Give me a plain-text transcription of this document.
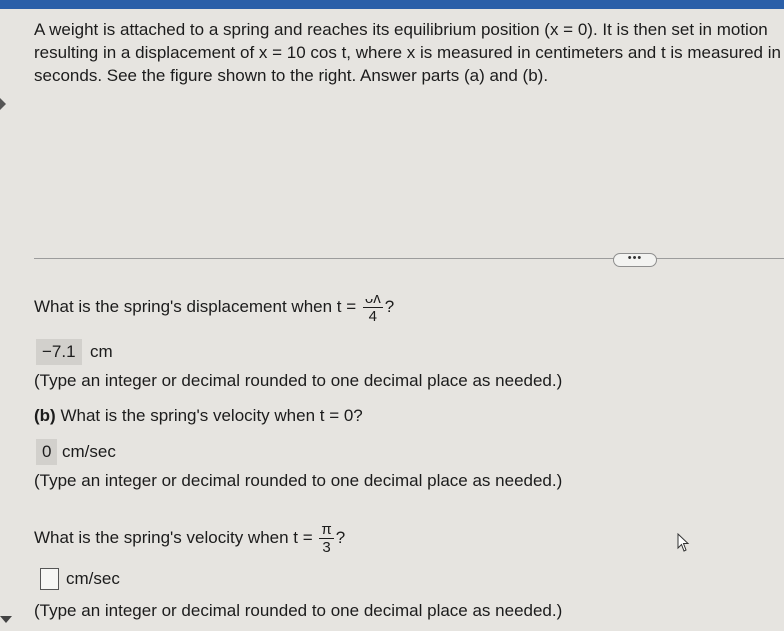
A weight is attached to a spring and reaches its equilibrium position (x = 0). It is then set in motion
resulting in a displacement of x = 10 cos t, where x is measured in centimeters and t is measured in
seconds. See the figure shown to the right. Answer parts (a) and (b).
•••
What is the spring's displacement when $t = \frac{\text{ᴗᴧ}}{4}$ ?
−7.1 cm
(Type an integer or decimal rounded to one decimal place as needed.)
(b) What is the spring's velocity when t = 0?
0 cm/sec
(Type an integer or decimal rounded to one decimal place as needed.)
What is the spring's velocity when $t = \frac{\pi}{3}$ ?
cm/sec
(Type an integer or decimal rounded to one decimal place as needed.)
